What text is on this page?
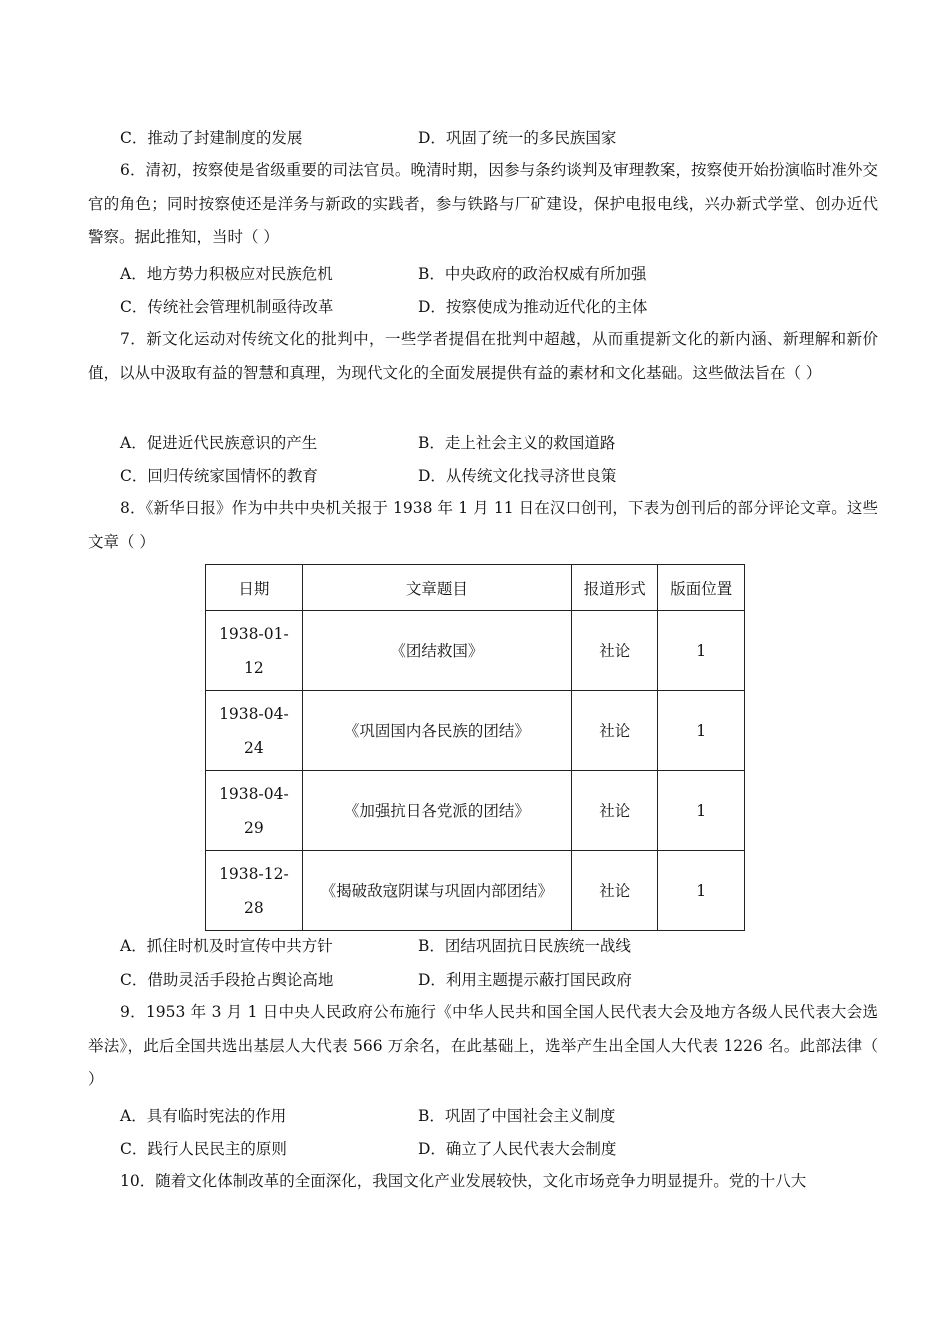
C．推动了封建制度的发展	D．巩固了统一的多民族国家
6．清初，按察使是省级重要的司法官员。晚清时期，因参与条约谈判及审理教案，按察使开始扮演临时准外交官的角色；同时按察使还是洋务与新政的实践者，参与铁路与厂矿建设，保护电报电线，兴办新式学堂、创办近代警察。据此推知，当时（ ）
A．地方势力积极应对民族危机	B．中央政府的政治权威有所加强
C．传统社会管理机制亟待改革	D．按察使成为推动近代化的主体
7．新文化运动对传统文化的批判中，一些学者提倡在批判中超越，从而重提新文化的新内涵、新理解和新价值，以从中汲取有益的智慧和真理，为现代文化的全面发展提供有益的素材和文化基础。这些做法旨在（ ）
A．促进近代民族意识的产生	B．走上社会主义的救国道路
C．回归传统家国情怀的教育	D．从传统文化找寻济世良策
8．《新华日报》作为中共中央机关报于 1938 年 1 月 11 日在汉口创刊，下表为创刊后的部分评论文章。这些文章（ ）
日期	文章题目	报道形式	版面位置
1938-01-12	《团结救国》	社论	1
1938-04-24	《巩固国内各民族的团结》	社论	1
1938-04-29	《加强抗日各党派的团结》	社论	1
1938-12-28	《揭破敌寇阴谋与巩固内部团结》	社论	1
A．抓住时机及时宣传中共方针	B．团结巩固抗日民族统一战线
C．借助灵活手段抢占舆论高地	D．利用主题提示蔽打国民政府
9．1953 年 3 月 1 日中央人民政府公布施行《中华人民共和国全国人民代表大会及地方各级人民代表大会选举法》，此后全国共选出基层人大代表 566 万余名，在此基础上，选举产生出全国人大代表 1226 名。此部法律（ ）
A．具有临时宪法的作用	B．巩固了中国社会主义制度
C．践行人民民主的原则	D．确立了人民代表大会制度
10．随着文化体制改革的全面深化，我国文化产业发展较快，文化市场竞争力明显提升。党的十八大
